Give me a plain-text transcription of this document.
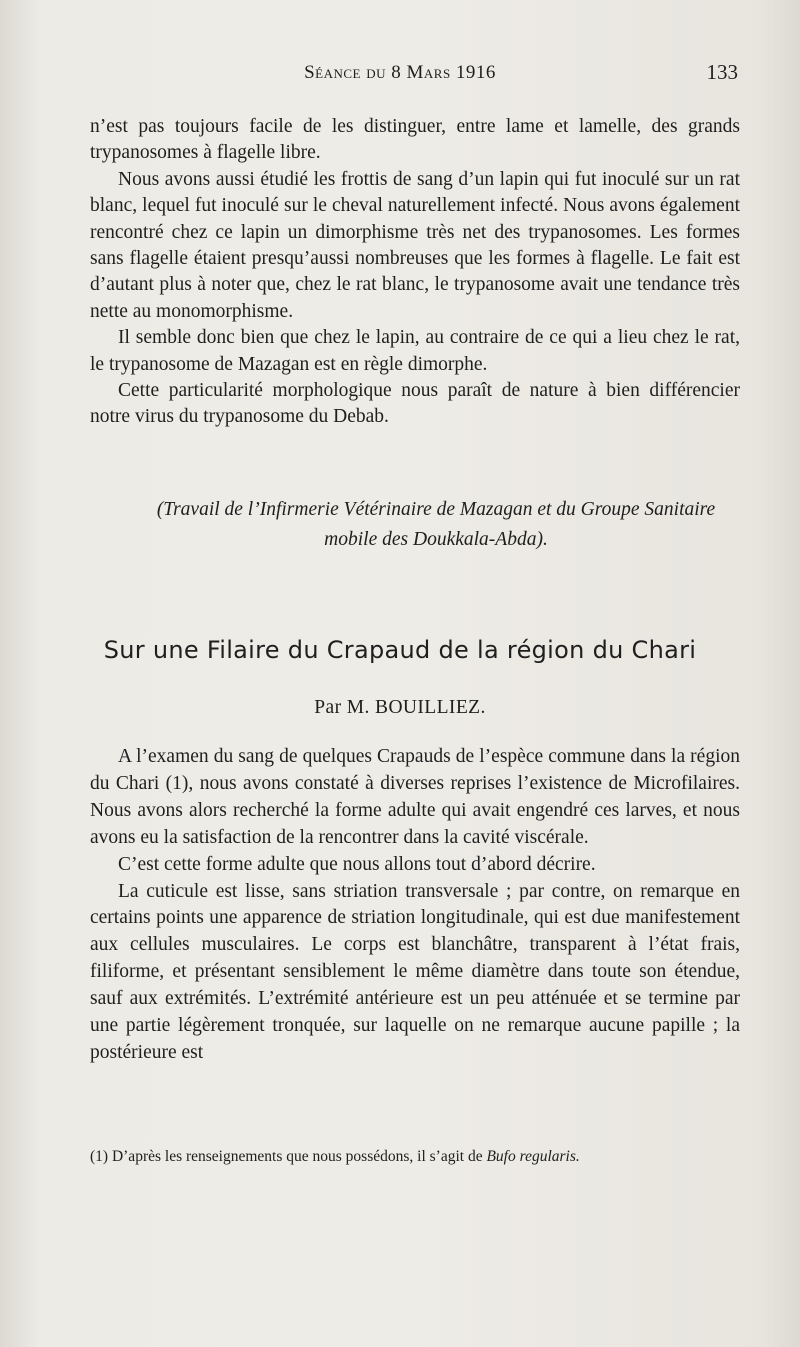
Séance du 8 Mars 1916	133

n’est pas toujours facile de les distinguer, entre lame et lamelle, des grands trypanosomes à flagelle libre.

Nous avons aussi étudié les frottis de sang d’un lapin qui fut inoculé sur un rat blanc, lequel fut inoculé sur le cheval naturellement infecté. Nous avons également rencontré chez ce lapin un dimorphisme très net des trypanosomes. Les formes sans flagelle étaient presqu’aussi nombreuses que les formes à flagelle. Le fait est d’autant plus à noter que, chez le rat blanc, le trypanosome avait une tendance très nette au monomorphisme.

Il semble donc bien que chez le lapin, au contraire de ce qui a lieu chez le rat, le trypanosome de Mazagan est en règle dimorphe.

Cette particularité morphologique nous paraît de nature à bien différencier notre virus du trypanosome du Debab.

(Travail de l’Infirmerie Vétérinaire de Mazagan et du Groupe Sanitaire mobile des Doukkala-Abda).
Sur une Filaire du Crapaud de la région du Chari
Par M. BOUILLIEZ.

A l’examen du sang de quelques Crapauds de l’espèce commune dans la région du Chari (1), nous avons constaté à diverses reprises l’existence de Microfilaires. Nous avons alors recherché la forme adulte qui avait engendré ces larves, et nous avons eu la satisfaction de la rencontrer dans la cavité viscérale.

C’est cette forme adulte que nous allons tout d’abord décrire.

La cuticule est lisse, sans striation transversale ; par contre, on remarque en certains points une apparence de striation longitudinale, qui est due manifestement aux cellules musculaires. Le corps est blanchâtre, transparent à l’état frais, filiforme, et présentant sensiblement le même diamètre dans toute son étendue, sauf aux extrémités. L’extrémité antérieure est un peu atténuée et se termine par une partie légèrement tronquée, sur laquelle on ne remarque aucune papille ; la postérieure est

(1) D’après les renseignements que nous possédons, il s’agit de Bufo regularis.
